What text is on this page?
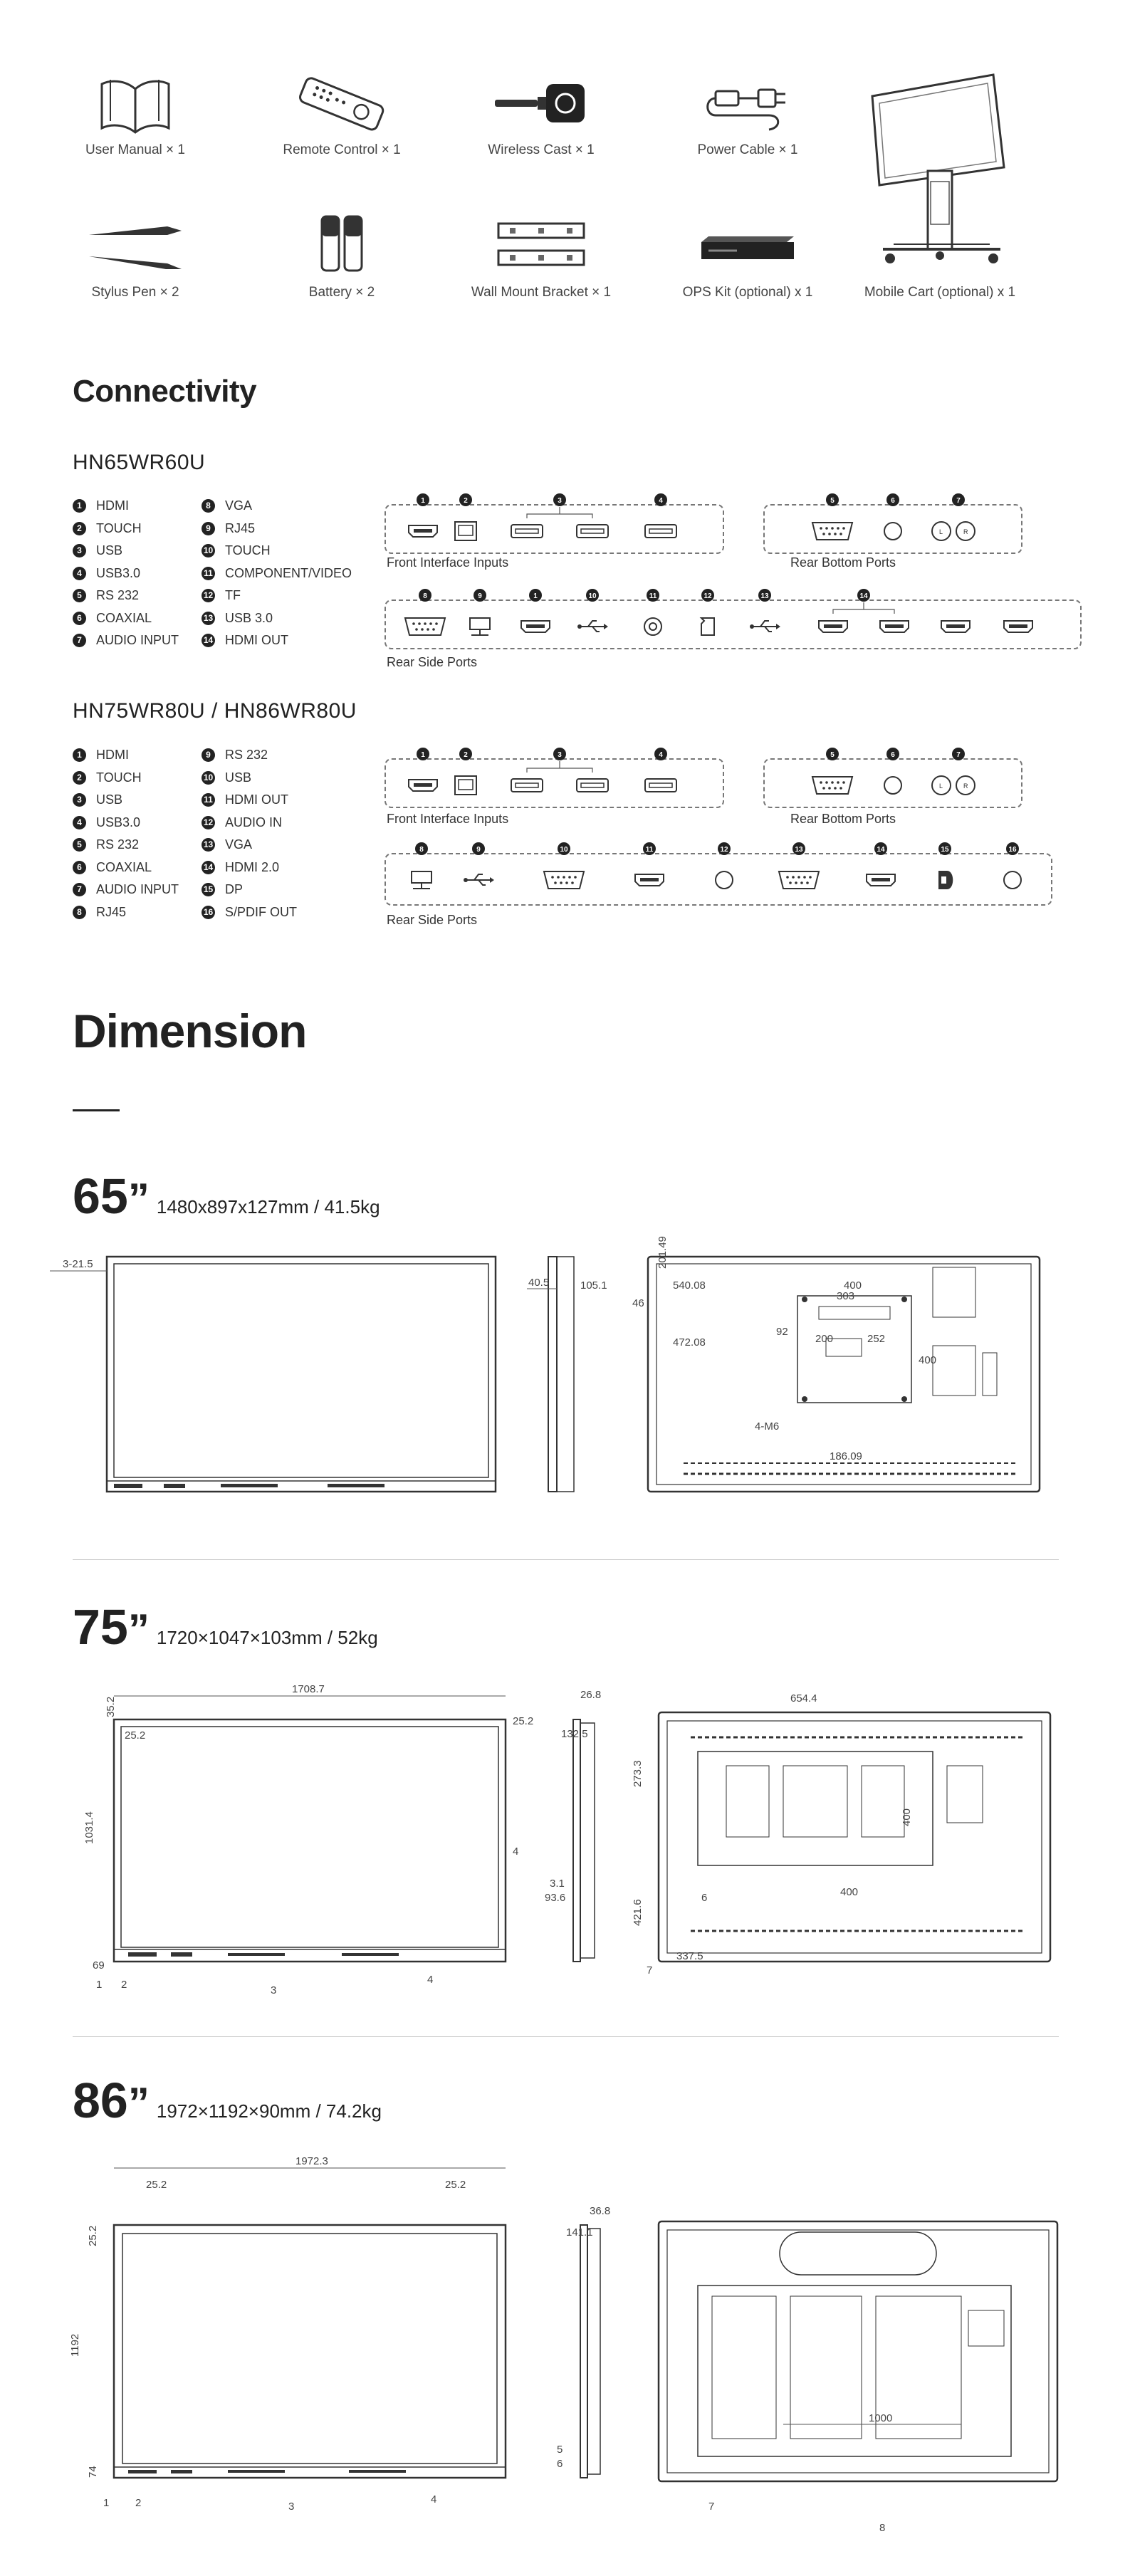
User Manual × 1	Remote Control × 1	Wireless Cast × 1	Power Cable × 1
Stylus Pen × 2	Battery × 2	Wall Mount Bracket × 1	OPS Kit (optional) x 1	Mobile Cart (optional) x 1
Connectivity
HN65WR60U
1	HDMI
2	TOUCH
3	USB
4	USB3.0
5	RS 232
6	COAXIAL
7	AUDIO INPUT
8	VGA
9	RJ45
10 TOUCH
11 COMPONENT/VIDEO
12 TF
13 USB 3.0
14 HDMI OUT
1	2	3	4
Front Interface Inputs
L	R
5	6	7
Rear Bottom Ports
8	9	1	10	11	12	13	14
Rear Side Ports
HN75WR80U / HN86WR80U
1	HDMI
2	TOUCH
3	USB
4	USB3.0
5	RS 232
6	COAXIAL
7	AUDIO INPUT
8	RJ45
9	RS 232
10 USB
11 HDMI OUT
12 AUDIO IN
13 VGA
14 HDMI 2.0
15 DP
16 S/PDIF OUT
1	2	3	4
Front Interface Inputs
L	R
5	6	7
Rear Bottom Ports
8	9	10	11	12	13	14	15	16
Rear Side Ports
Dimension
65 ” 1480x897x127mm / 41.5kg
3-21.5
40.5	105.1
201.49
540.08	400
303
46
92
200	252
472.08
400
4-M6
186.09
75 ” 1720×1047×103mm / 52kg
1708.7
35.2
25.2
25.2
1031.4
69
4
1 2	3
4
26.8
132.5
3.1
93.6
654.4
273.3
400
400
421.6
337.5
6
7
86 ” 1972×1192×90mm / 74.2kg
1972.3
25.2	25.2
25.2
1192
74
1 2	3
4
36.8
141.1
5
6
1000
7
8
